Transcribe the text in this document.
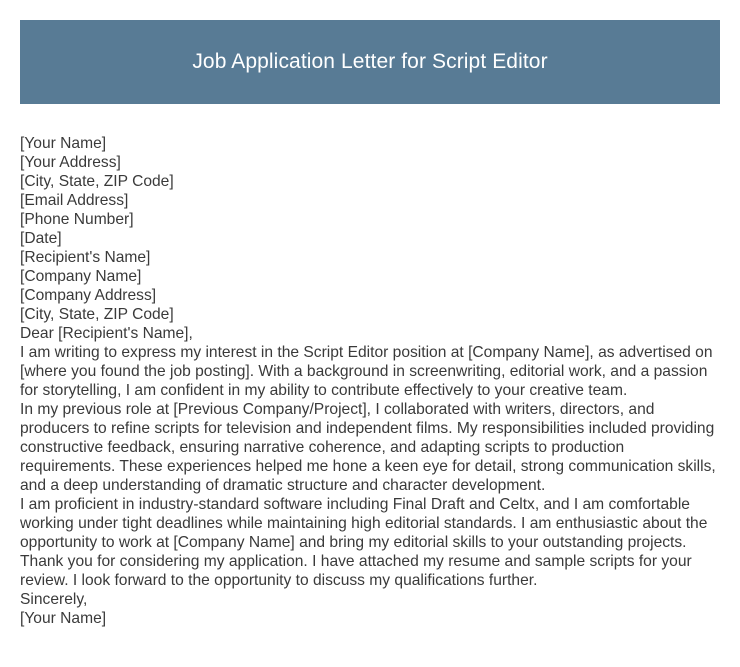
Job Application Letter for Script Editor

[Your Name]

[Your Address]

[City, State, ZIP Code]

[Email Address]

[Phone Number]

[Date]

[Recipient's Name]

[Company Name]

[Company Address]

[City, State, ZIP Code]

Dear [Recipient's Name],

I am writing to express my interest in the Script Editor position at [Company Name], as advertised on [where you found the job posting]. With a background in screenwriting, editorial work, and a passion for storytelling, I am confident in my ability to contribute effectively to your creative team.

In my previous role at [Previous Company/Project], I collaborated with writers, directors, and producers to refine scripts for television and independent films. My responsibilities included providing constructive feedback, ensuring narrative coherence, and adapting scripts to production requirements. These experiences helped me hone a keen eye for detail, strong communication skills, and a deep understanding of dramatic structure and character development.

I am proficient in industry-standard software including Final Draft and Celtx, and I am comfortable working under tight deadlines while maintaining high editorial standards. I am enthusiastic about the opportunity to work at [Company Name] and bring my editorial skills to your outstanding projects.

Thank you for considering my application. I have attached my resume and sample scripts for your review. I look forward to the opportunity to discuss my qualifications further.

Sincerely,

[Your Name]
